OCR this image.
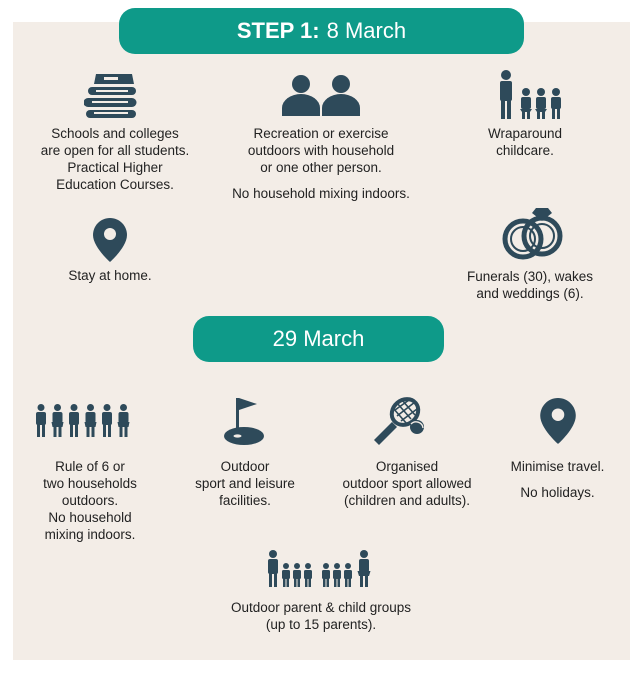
STEP 1: 8 March
Schools and colleges
are open for all students.
Practical Higher
Education Courses.
Recreation or exercise
outdoors with household
or one other person.
No household mixing indoors.
Wraparound
childcare.
Stay at home.	Funerals (30), wakes
and weddings (6).
29 March
Rule of 6 or
two households
outdoors.
No household
mixing indoors.
Outdoor
sport and leisure
facilities.
Organised
outdoor sport allowed
(children and adults).
Minimise travel.
No holidays.
Outdoor parent & child groups
(up to 15 parents).
